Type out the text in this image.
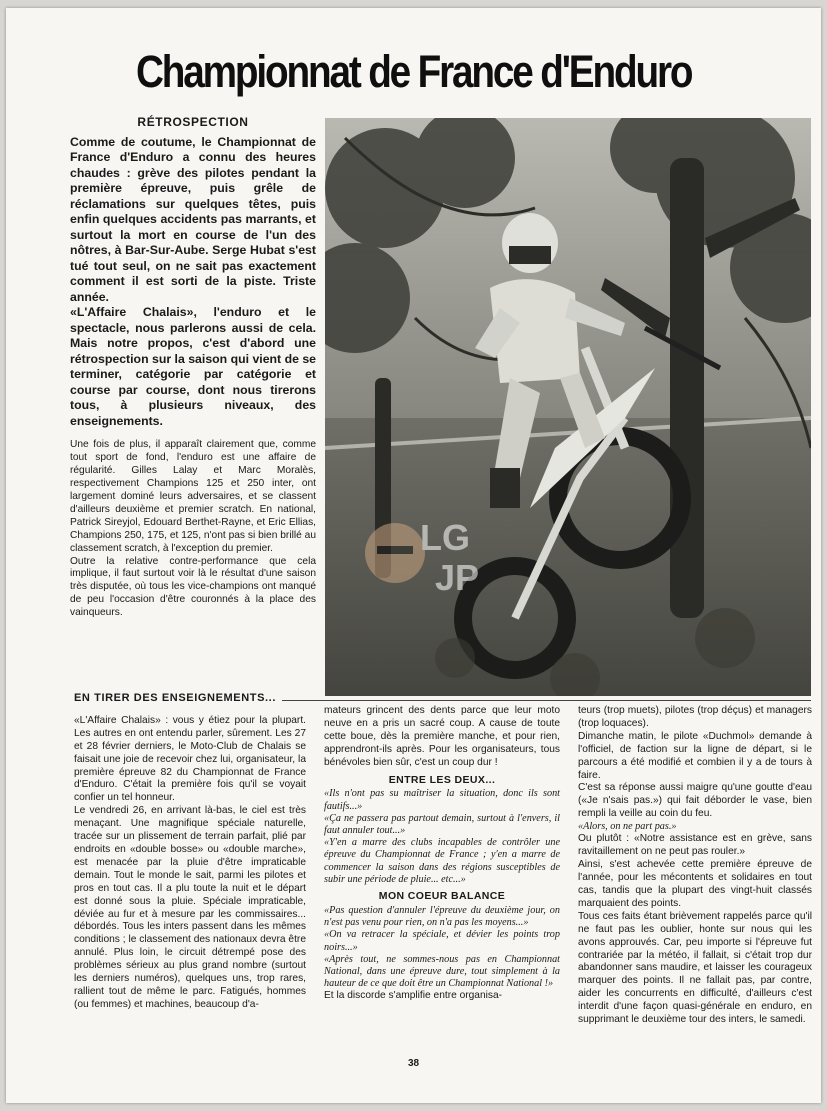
Championnat de France d'Enduro
RÉTROSPECTION

Comme de coutume, le Championnat de France d'Enduro a connu des heures chaudes : grève des pilotes pendant la première épreuve, puis grêle de réclamations sur quelques têtes, puis enfin quelques accidents pas marrants, et surtout la mort en course de l'un des nôtres, à Bar-Sur-Aube. Serge Hubat s'est tué tout seul, on ne sait pas exactement comment il est sorti de la piste. Triste année.

«L'Affaire Chalais», l'enduro et le spectacle, nous parlerons aussi de cela. Mais notre propos, c'est d'abord une rétrospection sur la saison qui vient de se terminer, catégorie par catégorie et course par course, dont nous tirerons tous, à plusieurs niveaux, des enseignements.

Une fois de plus, il apparaît clairement que, comme tout sport de fond, l'enduro est une affaire de régularité. Gilles Lalay et Marc Moralès, respectivement Champions 125 et 250 inter, ont largement dominé leurs adversaires, et se classent d'ailleurs deuxième et premier scratch. En national, Patrick Sireyjol, Edouard Berthet-Rayne, et Eric Ellias, Champions 250, 175, et 125, n'ont pas si bien brillé au classement scratch, à l'exception du premier.

Outre la relative contre-performance que cela implique, il faut surtout voir là le résultat d'une saison très disputée, où tous les vice-champions ont manqué de peu l'occasion d'être couronnés à la place des vainqueurs.

LG
JP
EN TIRER DES ENSEIGNEMENTS...

«L'Affaire Chalais» : vous y étiez pour la plupart. Les autres en ont entendu parler, sûrement. Les 27 et 28 février derniers, le Moto-Club de Chalais se faisait une joie de recevoir chez lui, organisateur, la première épreuve 82 du Championnat de France d'Enduro. C'était la première fois qu'il se voyait confier un tel honneur.

Le vendredi 26, en arrivant là-bas, le ciel est très menaçant. Une magnifique spéciale naturelle, tracée sur un plissement de terrain parfait, plié par endroits en «double bosse» ou «double marche», est menacée par la pluie d'être impraticable demain. Tout le monde le sait, parmi les pilotes et pros en tout cas. Il a plu toute la nuit et le départ est donné sous la pluie. Spéciale impraticable, déviée au fur et à mesure par les commissaires... débordés. Tous les inters passent dans les mêmes conditions ; le classement des nationaux devra être annulé. Plus loin, le circuit détrempé pose des problèmes sérieux au plus grand nombre (surtout les derniers numéros), quelques uns, trop rares, rallient tout de même le parc. Fatigués, hommes (ou femmes) et machines, beaucoup d'a-

mateurs grincent des dents parce que leur moto neuve en a pris un sacré coup. A cause de toute cette boue, dès la première manche, et pour rien, apprendront-ils après. Pour les organisateurs, tous bénévoles bien sûr, c'est un coup dur !

ENTRE LES DEUX...

«Ils n'ont pas su maîtriser la situation, donc ils sont fautifs...»

«Ça ne passera pas partout demain, surtout à l'envers, il faut annuler tout...»

«Y'en a marre des clubs incapables de contrôler une épreuve du Championnat de France ; y'en a marre de commencer la saison dans des régions susceptibles de subir une période de pluie... etc...»

MON COEUR BALANCE

«Pas question d'annuler l'épreuve du deuxième jour, on n'est pas venu pour rien, on n'a pas les moyens...»

«On va retracer la spéciale, et dévier les points trop noirs...»

«Après tout, ne sommes-nous pas en Championnat National, dans une épreuve dure, tout simplement à la hauteur de ce que doit être un Championnat National !»

Et la discorde s'amplifie entre organisa-

teurs (trop muets), pilotes (trop déçus) et managers (trop loquaces).

Dimanche matin, le pilote «Duchmol» demande à l'officiel, de faction sur la ligne de départ, si le parcours a été modifié et combien il y a de tours à faire.

C'est sa réponse aussi maigre qu'une goutte d'eau («Je n'sais pas.») qui fait déborder le vase, bien rempli la veille au coin du feu.

«Alors, on ne part pas.»

Ou plutôt : «Notre assistance est en grève, sans ravitaillement on ne peut pas rouler.»

Ainsi, s'est achevée cette première épreuve de l'année, pour les mécontents et solidaires en tout cas, tandis que la plupart des vingt-huit classés marquaient des points.

Tous ces faits étant brièvement rappelés parce qu'il ne faut pas les oublier, honte sur nous qui les avons approuvés. Car, peu importe si l'épreuve fut contrariée par la météo, il fallait, si c'était trop dur abandonner sans maudire, et laisser les courageux marquer des points. Il ne fallait pas, par contre, aider les concurrents en difficulté, d'ailleurs c'est interdit d'une façon quasi-générale en enduro, en supprimant le deuxième tour des inters, le samedi.

38
